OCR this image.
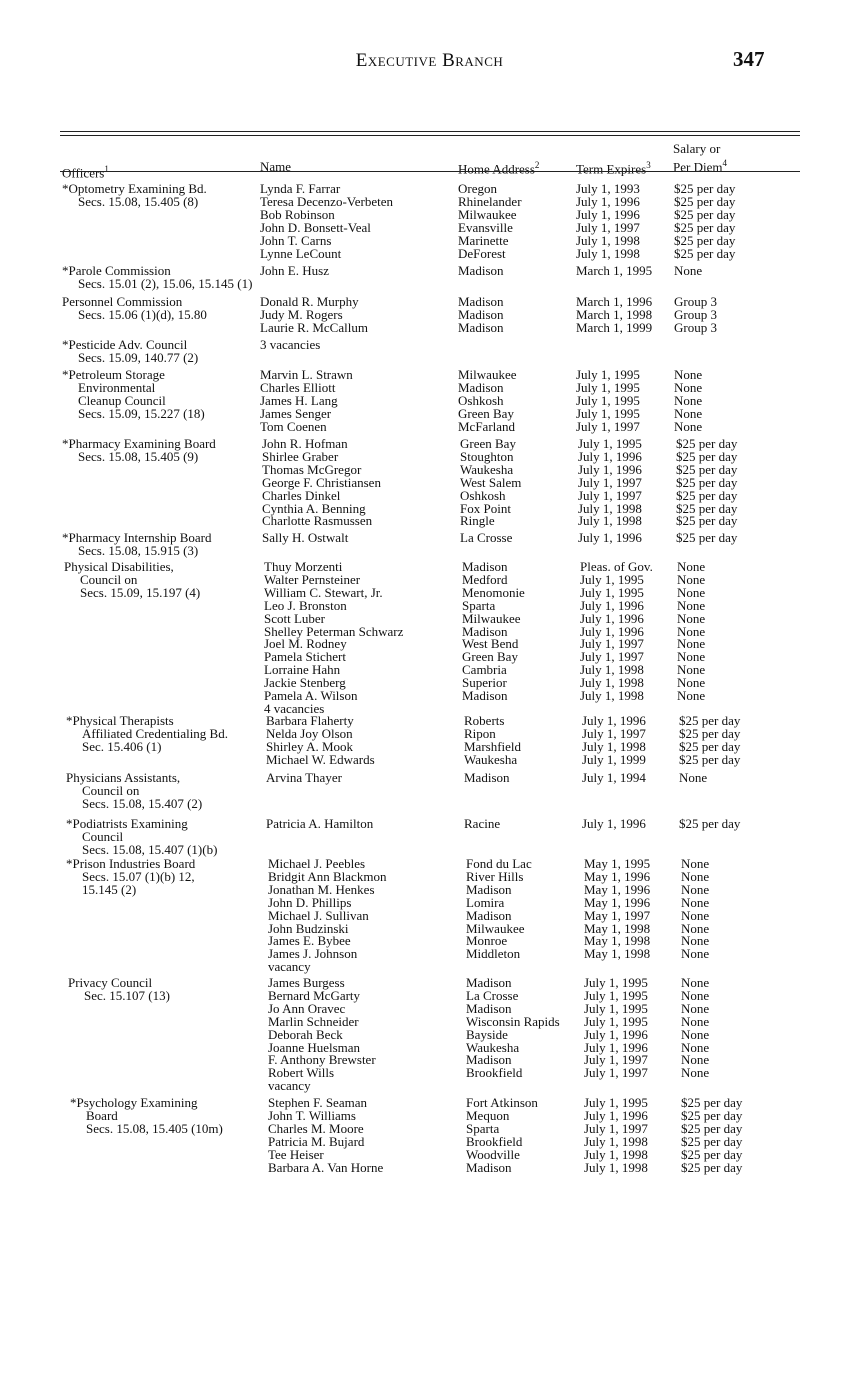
Executive Branch	347
Officers$^1$	Name	Home Address$^2$	Term Expires$^3$
Salary or
Per Diem$^4$
*Optometry Examining Bd.
Secs. 15.08, 15.405 (8)
Lynda F. Farrar	Oregon	July 1, 1993	$25 per day
Teresa Decenzo-Verbeten	Rhinelander	July 1, 1996	$25 per day
Bob Robinson	Milwaukee	July 1, 1996	$25 per day
John D. Bonsett-Veal	Evansville	July 1, 1997	$25 per day
John T. Carns	Marinette	July 1, 1998	$25 per day
Lynne LeCount	DeForest	July 1, 1998	$25 per day
*Parole Commission
Secs. 15.01 (2), 15.06, 15.145 (1)
John E. Husz	Madison	March 1, 1995 None
Personnel Commission
Secs. 15.06 (1)(d), 15.80
Donald R. Murphy	Madison	March 1, 1996 Group 3
Judy M. Rogers	Madison	March 1, 1998 Group 3
Laurie R. McCallum	Madison	March 1, 1999 Group 3
*Pesticide Adv. Council
Secs. 15.09, 140.77 (2)
3 vacancies
*Petroleum Storage
Environmental
Cleanup Council
Secs. 15.09, 15.227 (18)
Marvin L. Strawn	Milwaukee	July 1, 1995	None
Charles Elliott	Madison	July 1, 1995	None
James H. Lang	Oshkosh	July 1, 1995	None
James Senger	Green Bay	July 1, 1995	None
Tom Coenen	McFarland	July 1, 1997	None
*Pharmacy Examining Board
Secs. 15.08, 15.405 (9)
John R. Hofman	Green Bay	July 1, 1995	$25 per day
Shirlee Graber	Stoughton	July 1, 1996	$25 per day
Thomas McGregor	Waukesha	July 1, 1996	$25 per day
George F. Christiansen	West Salem	July 1, 1997	$25 per day
Charles Dinkel	Oshkosh	July 1, 1997	$25 per day
Cynthia A. Benning	Fox Point	July 1, 1998	$25 per day
Charlotte Rasmussen	Ringle	July 1, 1998	$25 per day
*Pharmacy Internship Board
Secs. 15.08, 15.915 (3)
Sally H. Ostwalt	La Crosse	July 1, 1996	$25 per day
Physical Disabilities,
Council on
Secs. 15.09, 15.197 (4)
Thuy Morzenti	Madison	Pleas. of Gov. None
Walter Pernsteiner	Medford	July 1, 1995	None
William C. Stewart, Jr.	Menomonie	July 1, 1995	None
Leo J. Bronston	Sparta	July 1, 1996	None
Scott Luber	Milwaukee	July 1, 1996	None
Shelley Peterman Schwarz	Madison	July 1, 1996	None
Joel M. Rodney	West Bend	July 1, 1997	None
Pamela Stichert	Green Bay	July 1, 1997	None
Lorraine Hahn	Cambria	July 1, 1998	None
Jackie Stenberg	Superior	July 1, 1998	None
Pamela A. Wilson	Madison	July 1, 1998	None
4 vacancies
*Physical Therapists
Affiliated Credentialing Bd.
Sec. 15.406 (1)
Barbara Flaherty	Roberts	July 1, 1996	$25 per day
Nelda Joy Olson	Ripon	July 1, 1997	$25 per day
Shirley A. Mook	Marshfield	July 1, 1998	$25 per day
Michael W. Edwards	Waukesha	July 1, 1999	$25 per day
Physicians Assistants,
Council on
Secs. 15.08, 15.407 (2)
Arvina Thayer	Madison	July 1, 1994	None
*Podiatrists Examining
Council
Secs. 15.08, 15.407 (1)(b)
Patricia A. Hamilton	Racine	July 1, 1996	$25 per day
*Prison Industries Board
Secs. 15.07 (1)(b) 12,
15.145 (2)
Michael J. Peebles	Fond du Lac	May 1, 1995 None
Bridgit Ann Blackmon	River Hills	May 1, 1996 None
Jonathan M. Henkes	Madison	May 1, 1996 None
John D. Phillips	Lomira	May 1, 1996 None
Michael J. Sullivan	Madison	May 1, 1997 None
John Budzinski	Milwaukee	May 1, 1998 None
James E. Bybee	Monroe	May 1, 1998 None
James J. Johnson	Middleton	May 1, 1998 None
vacancy
Privacy Council
Sec. 15.107 (13)
James Burgess	Madison	July 1, 1995	None
Bernard McGarty	La Crosse	July 1, 1995	None
Jo Ann Oravec	Madison	July 1, 1995	None
Marlin Schneider	Wisconsin Rapids July 1, 1995	None
Deborah Beck	Bayside	July 1, 1996	None
Joanne Huelsman	Waukesha	July 1, 1996	None
F. Anthony Brewster	Madison	July 1, 1997	None
Robert Wills	Brookfield	July 1, 1997	None
vacancy
*Psychology Examining
Board
Secs. 15.08, 15.405 (10m)
Stephen F. Seaman	Fort Atkinson	July 1, 1995	$25 per day
John T. Williams	Mequon	July 1, 1996	$25 per day
Charles M. Moore	Sparta	July 1, 1997	$25 per day
Patricia M. Bujard	Brookfield	July 1, 1998	$25 per day
Tee Heiser	Woodville	July 1, 1998	$25 per day
Barbara A. Van Horne	Madison	July 1, 1998	$25 per day
